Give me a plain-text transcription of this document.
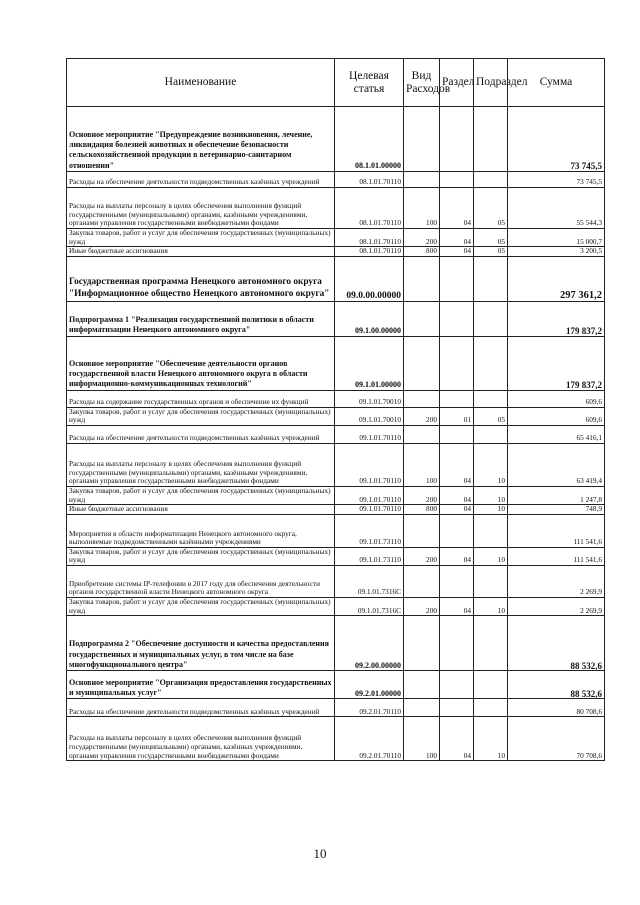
Наименование	Целевая статья	Вид Расходов	Раздел	Подраздел	Сумма
Основное мероприятие "Предупреждение возникновения, лечение, ликвидация болезней животных и обеспечение безопасности сельскохозяйственной продукции в ветеринарно-санитарном отношении"	08.1.01.00000				73 745,5
Расходы на обеспечение деятельности подведомственных казённых учреждений	08.1.01.70110				73 745,5
Расходы на выплаты персоналу в целях обеспечения выполнения функций государственными (муниципальными) органами, казёнными учреждениями, органами управления государственными внебюджетными фондами	08.1.01.70110	100	04	05	55 544,3
Закупка товаров, работ и услуг для обеспечения государственных (муниципальных) нужд	08.1.01.70110	200	04	05	15 000,7
Иные бюджетные ассигнования	08.1.01.70110	800	04	05	3 200,5
Государственная программа Ненецкого автономного округа "Информационное общество Ненецкого автономного округа"	09.0.00.00000				297 361,2
Подпрограмма 1 "Реализация государственной политики в области информатизации Ненецкого автономного округа"	09.1.00.00000				179 837,2
Основное мероприятие "Обеспечение деятельности органов государственной власти Ненецкого автономного округа в области информационно-коммуникационных технологий"	09.1.01.00000				179 837,2
Расходы на содержание государственных органов и обеспечение их функций	09.1.01.70010				609,6
Закупка товаров, работ и услуг для обеспечения государственных (муниципальных) нужд	09.1.01.70010	200	01	05	609,6
Расходы на обеспечение деятельности подведомственных казённых учреждений	09.1.01.70110				65 416,1
Расходы на выплаты персоналу в целях обеспечения выполнения функций государственными (муниципальными) органами, казёнными учреждениями, органами управления государственными внебюджетными фондами	09.1.01.70110	100	04	10	63 419,4
Закупка товаров, работ и услуг для обеспечения государственных (муниципальных) нужд	09.1.01.70110	200	04	10	1 247,8
Иные бюджетные ассигнования	09.1.01.70110	800	04	10	748,9
Мероприятия в области информатизации Ненецкого автономного округа, выполняемые подведомственными казёнными учреждениями	09.1.01.73110				111 541,6
Закупка товаров, работ и услуг для обеспечения государственных (муниципальных) нужд	09.1.01.73110	200	04	10	111 541,6
Приобретение системы IP-телефонии в 2017 году для обеспечения деятельности органов государственной власти Ненецкого автономного округа	09.1.01.7316С				2 269,9
Закупка товаров, работ и услуг для обеспечения государственных (муниципальных) нужд	09.1.01.7316С	200	04	10	2 269,9
Подпрограмма 2 "Обеспечение доступности и качества предоставления государственных и муниципальных услуг, в том числе на базе многофункционального центра"	09.2.00.00000				88 532,6
Основное мероприятие "Организация предоставления государственных и муниципальных услуг"	09.2.01.00000				88 532,6
Расходы на обеспечение деятельности подведомственных казённых учреждений	09.2.01.70110				80 708,6
Расходы на выплаты персоналу в целях обеспечения выполнения функций государственными (муниципальными) органами, казённых учреждениями, органами управления государственными внебюджетными фондами	09.2.01.70110	100	04	10	70 708,6
10
